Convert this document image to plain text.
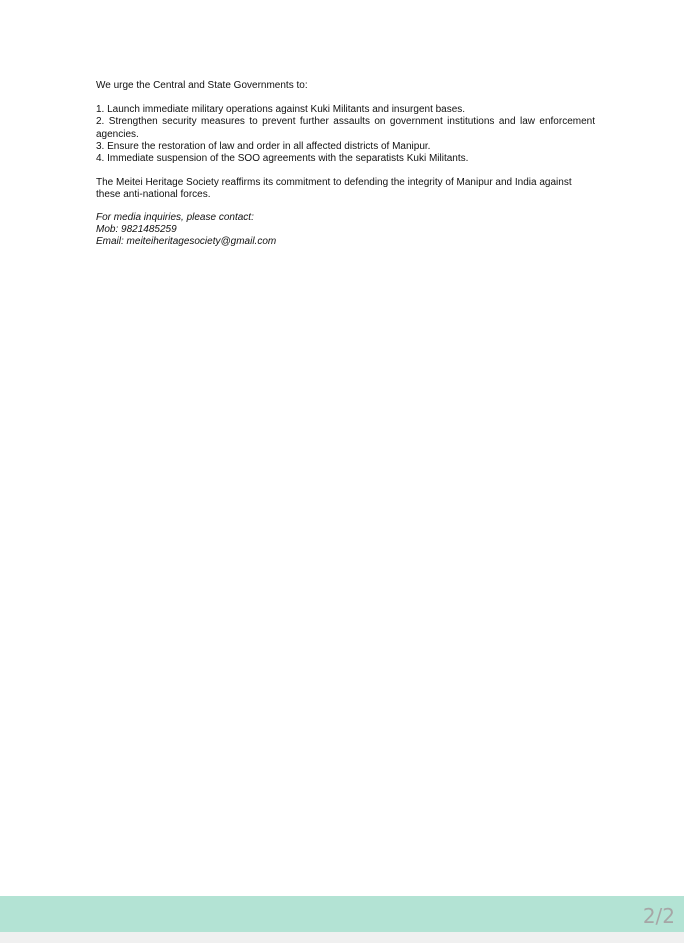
We urge the Central and State Governments to:

1. Launch immediate military operations against Kuki Militants and insurgent bases.
2. Strengthen security measures to prevent further assaults on government institutions and law enforcement agencies.
3. Ensure the restoration of law and order in all affected districts of Manipur.
4. Immediate suspension of the SOO agreements with the separatists Kuki Militants.

The Meitei Heritage Society reaffirms its commitment to defending the integrity of Manipur and India against these anti-national forces.

For media inquiries, please contact:
Mob: 9821485259
Email: meiteiheritagesociety@gmail.com
2/2
